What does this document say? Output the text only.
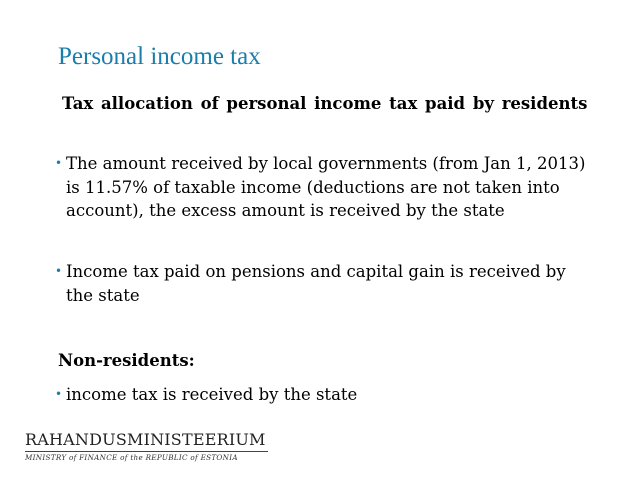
Personal income tax
Tax allocation of personal income tax paid by residents
• The amount received by local governments (from Jan 1, 2013) is 11.57% of taxable income (deductions are not taken into account), the excess amount is received by the state
• Income tax paid on pensions and capital gain is received by the state
Non-residents:
• income tax is received by the state
RAHANDUSMINISTEERIUM
MINISTRY of FINANCE of the REPUBLIC of ESTONIA
